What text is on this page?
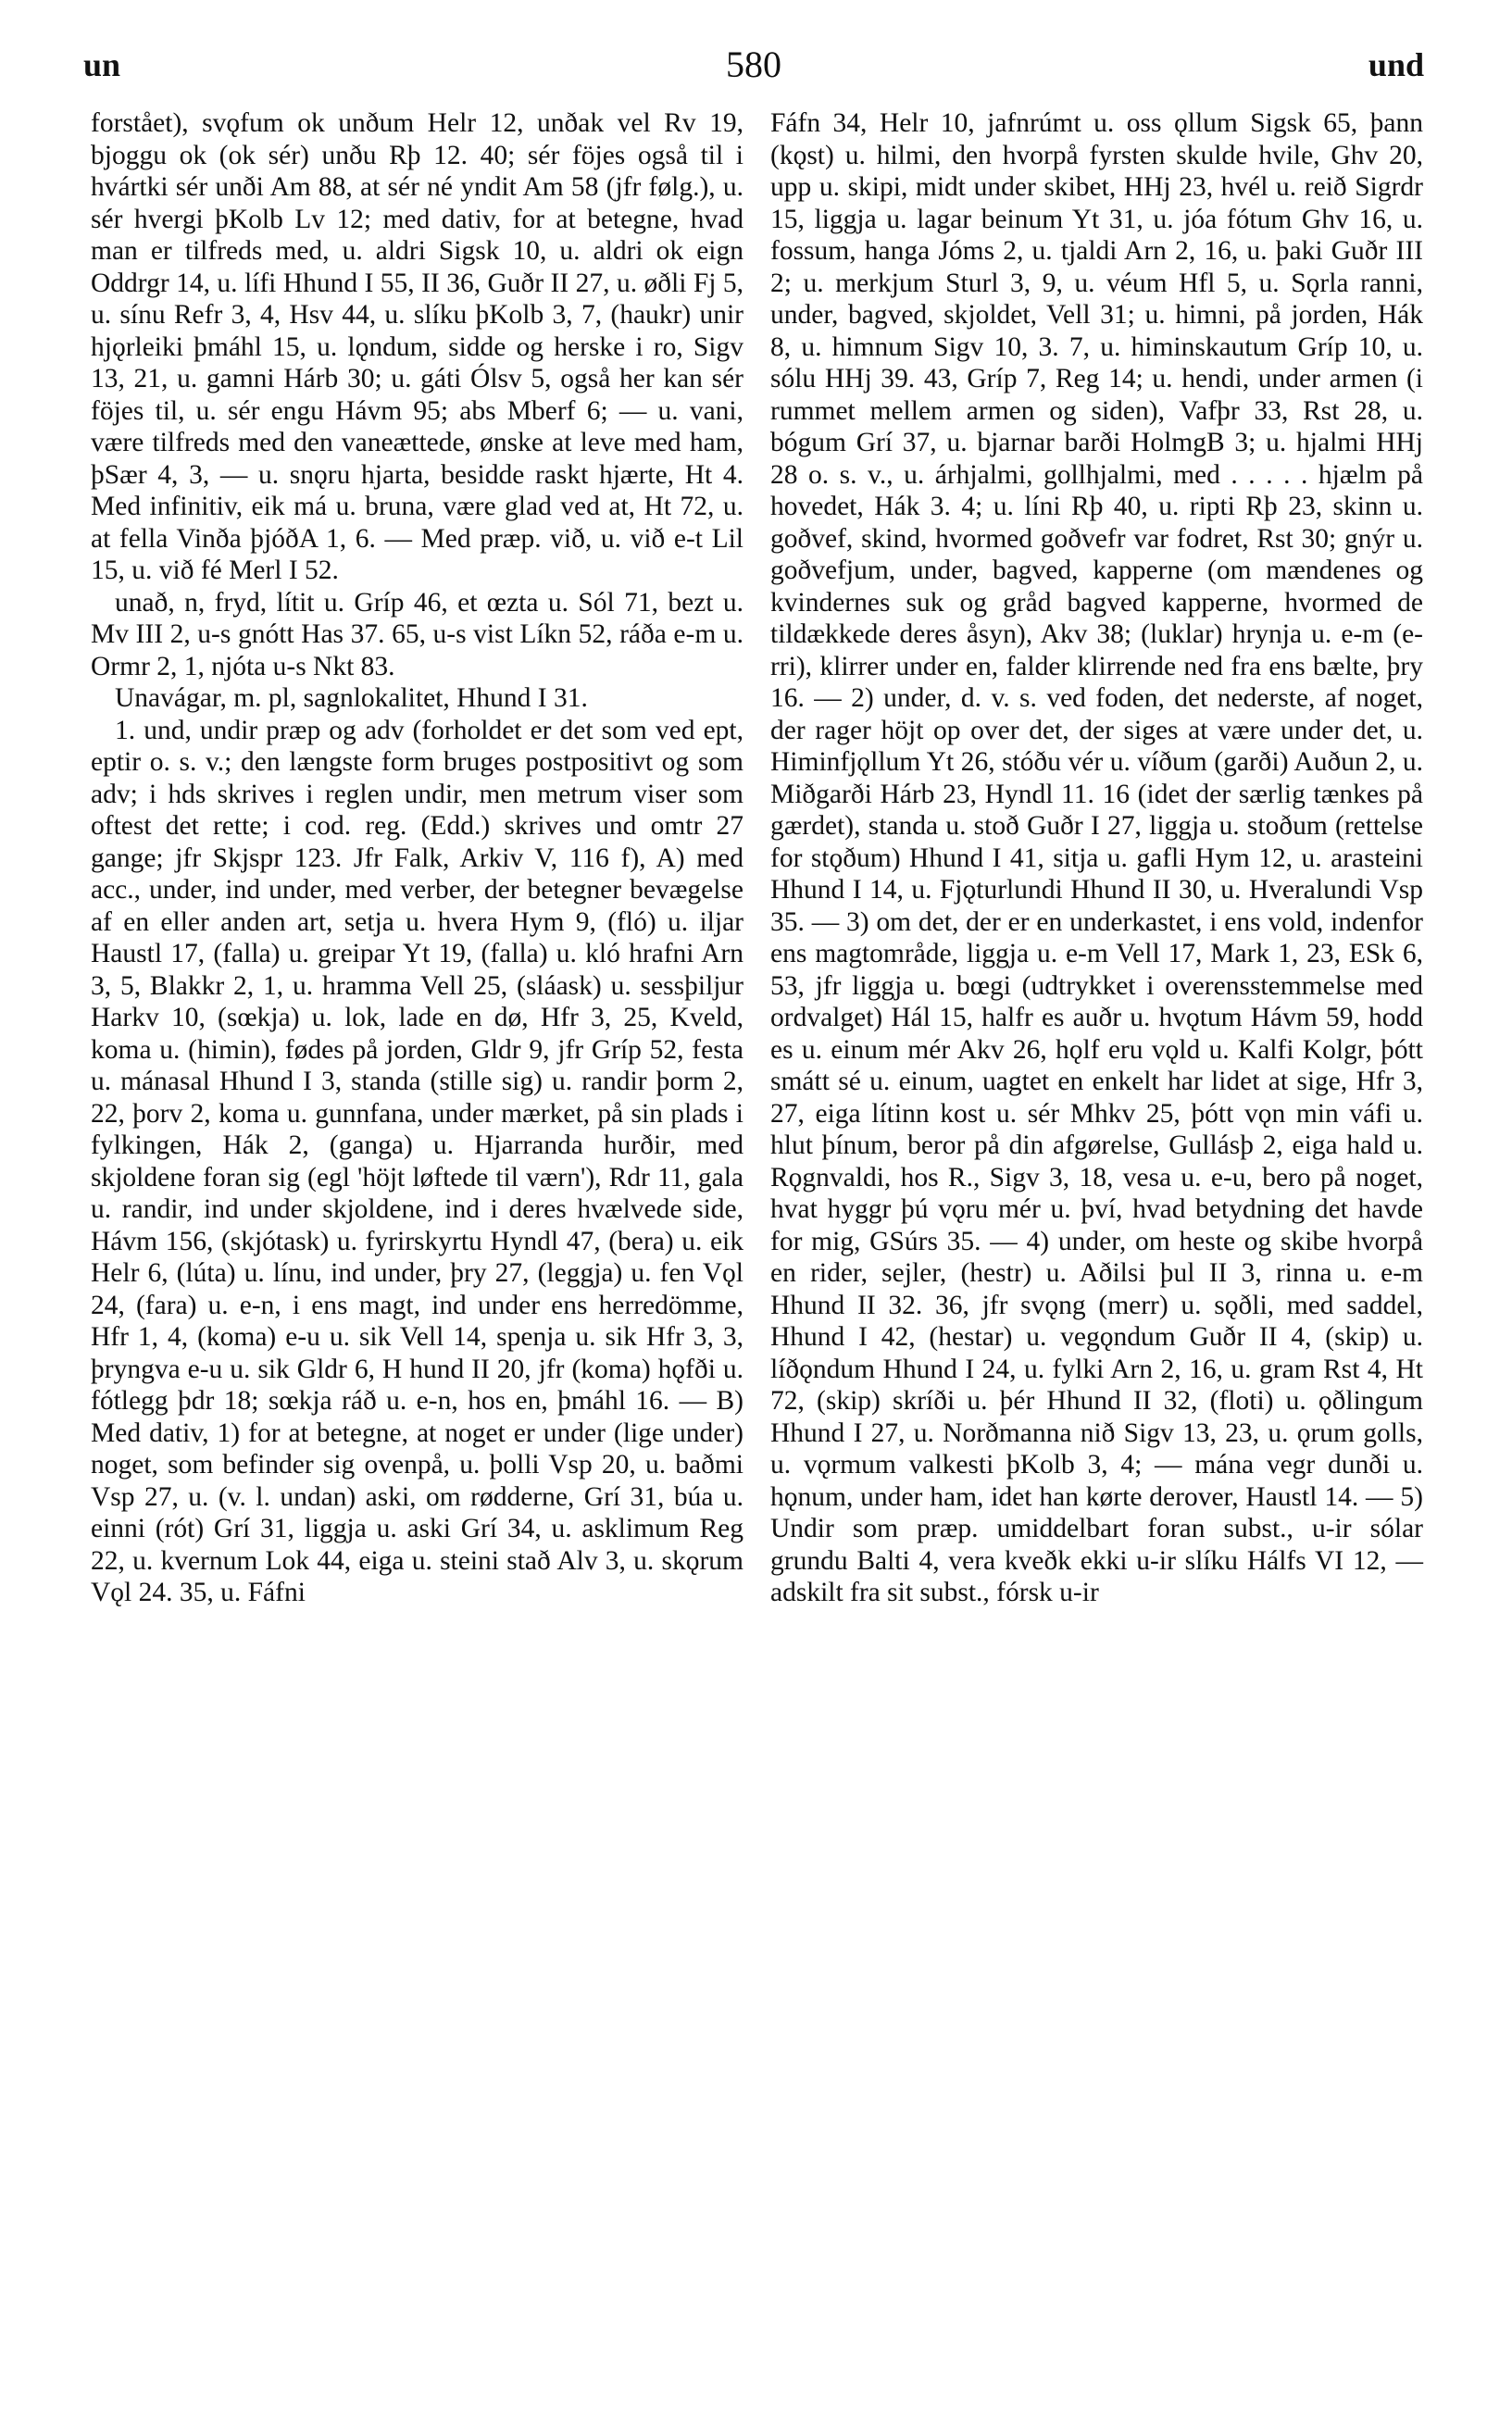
un	580	und

forstået), svǫfum ok unðum Helr 12, unðak vel Rv 19, bjoggu ok (ok sér) unðu Rþ 12. 40; sér föjes også til i hvártki sér unði Am 88, at sér né yndit Am 58 (jfr følg.), u. sér hvergi þKolb Lv 12; med dativ, for at betegne, hvad man er tilfreds med, u. aldri Sigsk 10, u. aldri ok eign Oddrgr 14, u. lífi Hhund I 55, II 36, Guðr II 27, u. øðli Fj 5, u. sínu Refr 3, 4, Hsv 44, u. slíku þKolb 3, 7, (haukr) unir hjǫrleiki þmáhl 15, u. lǫndum, sidde og herske i ro, Sigv 13, 21, u. gamni Hárb 30; u. gáti Ólsv 5, også her kan sér föjes til, u. sér engu Hávm 95; abs Mberf 6; — u. vani, være tilfreds med den vaneættede, ønske at leve med ham, þSær 4, 3, — u. snǫru hjarta, besidde raskt hjærte, Ht 4. Med infinitiv, eik má u. bruna, være glad ved at, Ht 72, u. at fella Vinða þjóðA 1, 6. — Med præp. við, u. við e-t Lil 15, u. við fé Merl I 52.

unað, n, fryd, lítit u. Gríp 46, et œzta u. Sól 71, bezt u. Mv III 2, u-s gnótt Has 37. 65, u-s vist Líkn 52, ráða e-m u. Ormr 2, 1, njóta u-s Nkt 83.

Unavágar, m. pl, sagnlokalitet, Hhund I 31.

1. und, undir præp og adv (forholdet er det som ved ept, eptir o. s. v.; den længste form bruges postpositivt og som adv; i hds skrives i reglen undir, men metrum viser som oftest det rette; i cod. reg. (Edd.) skrives und omtr 27 gange; jfr Skjspr 123. Jfr Falk, Arkiv V, 116 f), A) med acc., under, ind under, med verber, der betegner bevægelse af en eller anden art, setja u. hvera Hym 9, (fló) u. iljar Haustl 17, (falla) u. greipar Yt 19, (falla) u. kló hrafni Arn 3, 5, Blakkr 2, 1, u. hramma Vell 25, (sláask) u. sessþiljur Harkv 10, (sœkja) u. lok, lade en dø, Hfr 3, 25, Kveld, koma u. (himin), fødes på jorden, Gldr 9, jfr Gríp 52, festa u. mánasal Hhund I 3, standa (stille sig) u. randir þorm 2, 22, þorv 2, koma u. gunnfana, under mærket, på sin plads i fylkingen, Hák 2, (ganga) u. Hjarranda hurðir, med skjoldene foran sig (egl 'höjt løftede til værn'), Rdr 11, gala u. randir, ind under skjoldene, ind i deres hvælvede side, Hávm 156, (skjótask) u. fyrirskyrtu Hyndl 47, (bera) u. eik Helr 6, (lúta) u. línu, ind under, þry 27, (leggja) u. fen Vǫl 24, (fara) u. e-n, i ens magt, ind under ens herredömme, Hfr 1, 4, (koma) e-u u. sik Vell 14, spenja u. sik Hfr 3, 3, þryngva e-u u. sik Gldr 6, H hund II 20, jfr (koma) hǫfði u. fótlegg þdr 18; sœkja ráð u. e-n, hos en, þmáhl 16. — B) Med dativ, 1) for at betegne, at noget er under (lige under) noget, som befinder sig ovenpå, u. þolli Vsp 20, u. baðmi Vsp 27, u. (v. l. undan) aski, om rødderne, Grí 31, búa u. einni (rót) Grí 31, liggja u. aski Grí 34, u. asklimum Reg 22, u. kvernum Lok 44, eiga u. steini stað Alv 3, u. skǫrum Vǫl 24. 35, u. Fáfni

Fáfn 34, Helr 10, jafnrúmt u. oss ǫllum Sigsk 65, þann (kǫst) u. hilmi, den hvorpå fyrsten skulde hvile, Ghv 20, upp u. skipi, midt under skibet, HHj 23, hvél u. reið Sigrdr 15, liggja u. lagar beinum Yt 31, u. jóa fótum Ghv 16, u. fossum, hanga Jóms 2, u. tjaldi Arn 2, 16, u. þaki Guðr III 2; u. merkjum Sturl 3, 9, u. véum Hfl 5, u. Sǫrla ranni, under, bagved, skjoldet, Vell 31; u. himni, på jorden, Hák 8, u. himnum Sigv 10, 3. 7, u. himinskautum Gríp 10, u. sólu HHj 39. 43, Gríp 7, Reg 14; u. hendi, under armen (i rummet mellem armen og siden), Vafþr 33, Rst 28, u. bógum Grí 37, u. bjarnar barði HolmgB 3; u. hjalmi HHj 28 o. s. v., u. árhjalmi, gollhjalmi, med . . . . . hjælm på hovedet, Hák 3. 4; u. líni Rþ 40, u. ripti Rþ 23, skinn u. goðvef, skind, hvormed goðvefr var fodret, Rst 30; gnýr u. goðvefjum, under, bagved, kapperne (om mændenes og kvindernes suk og gråd bagved kapperne, hvormed de tildækkede deres åsyn), Akv 38; (luklar) hrynja u. e-m (e-rri), klirrer under en, falder klirrende ned fra ens bælte, þry 16. — 2) under, d. v. s. ved foden, det nederste, af noget, der rager höjt op over det, der siges at være under det, u. Himinfjǫllum Yt 26, stóðu vér u. víðum (garði) Auðun 2, u. Miðgarði Hárb 23, Hyndl 11. 16 (idet der særlig tænkes på gærdet), standa u. stoð Guðr I 27, liggja u. stoðum (rettelse for stǫðum) Hhund I 41, sitja u. gafli Hym 12, u. arasteini Hhund I 14, u. Fjǫturlundi Hhund II 30, u. Hveralundi Vsp 35. — 3) om det, der er en underkastet, i ens vold, indenfor ens magtområde, liggja u. e-m Vell 17, Mark 1, 23, ESk 6, 53, jfr liggja u. bœgi (udtrykket i overensstemmelse med ordvalget) Hál 15, halfr es auðr u. hvǫtum Hávm 59, hodd es u. einum mér Akv 26, hǫlf eru vǫld u. Kalfi Kolgr, þótt smátt sé u. einum, uagtet en enkelt har lidet at sige, Hfr 3, 27, eiga lítinn kost u. sér Mhkv 25, þótt vǫn min váfi u. hlut þínum, beror på din afgørelse, Gullásþ 2, eiga hald u. Rǫgnvaldi, hos R., Sigv 3, 18, vesa u. e-u, bero på noget, hvat hyggr þú vǫru mér u. því, hvad betydning det havde for mig, GSúrs 35. — 4) under, om heste og skibe hvorpå en rider, sejler, (hestr) u. Aðilsi þul II 3, rinna u. e-m Hhund II 32. 36, jfr svǫng (merr) u. sǫðli, med saddel, Hhund I 42, (hestar) u. vegǫndum Guðr II 4, (skip) u. líðǫndum Hhund I 24, u. fylki Arn 2, 16, u. gram Rst 4, Ht 72, (skip) skríði u. þér Hhund II 32, (floti) u. ǫðlingum Hhund I 27, u. Norðmanna nið Sigv 13, 23, u. ǫrum golls, u. vǫrmum valkesti þKolb 3, 4; — mána vegr dunði u. hǫnum, under ham, idet han kørte derover, Haustl 14. — 5) Undir som præp. umiddelbart foran subst., u-ir sólar grundu Balti 4, vera kveðk ekki u-ir slíku Hálfs VI 12, — adskilt fra sit subst., fórsk u-ir
